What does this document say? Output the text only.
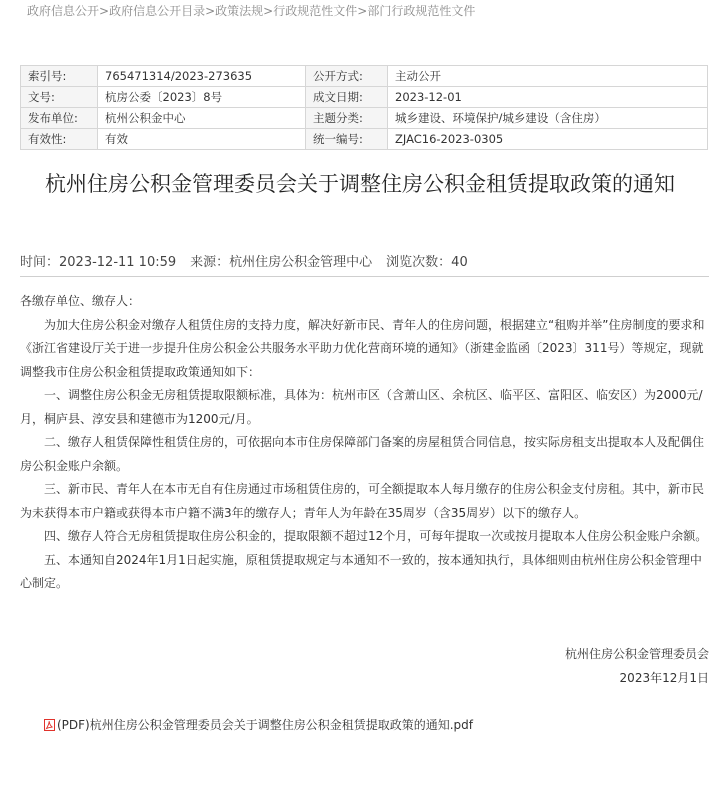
政府信息公开>政府信息公开目录>政策法规>行政规范性文件>部门行政规范性文件
索引号:	765471314/2023-273635	公开方式:	主动公开
文号:	杭房公委〔2023〕8号	成文日期:	2023-12-01
发布单位:	杭州公积金中心	主题分类:	城乡建设、环境保护/城乡建设（含住房）
有效性:	有效	统一编号:	ZJAC16-2023-0305
杭州住房公积金管理委员会关于调整住房公积金租赁提取政策的通知
时间：2023-12-11 10:59 来源：杭州住房公积金管理中心 浏览次数：40

各缴存单位、缴存人：

为加大住房公积金对缴存人租赁住房的支持力度，解决好新市民、青年人的住房问题，根据建立“租购并举”住房制度的要求和《浙江省建设厅关于进一步提升住房公积金公共服务水平助力优化营商环境的通知》（浙建金监函〔2023〕311号）等规定，现就调整我市住房公积金租赁提取政策通知如下：

一、调整住房公积金无房租赁提取限额标准，具体为：杭州市区（含萧山区、余杭区、临平区、富阳区、临安区）为2000元/月，桐庐县、淳安县和建德市为1200元/月。

二、缴存人租赁保障性租赁住房的，可依据向本市住房保障部门备案的房屋租赁合同信息，按实际房租支出提取本人及配偶住房公积金账户余额。

三、新市民、青年人在本市无自有住房通过市场租赁住房的，可全额提取本人每月缴存的住房公积金支付房租。其中，新市民为未获得本市户籍或获得本市户籍不满3年的缴存人；青年人为年龄在35周岁（含35周岁）以下的缴存人。

四、缴存人符合无房租赁提取住房公积金的，提取限额不超过12个月，可每年提取一次或按月提取本人住房公积金账户余额。

五、本通知自2024年1月1日起实施，原租赁提取规定与本通知不一致的，按本通知执行，具体细则由杭州住房公积金管理中心制定。

杭州住房公积金管理委员会
2023年12月1日
(PDF)杭州住房公积金管理委员会关于调整住房公积金租赁提取政策的通知.pdf
